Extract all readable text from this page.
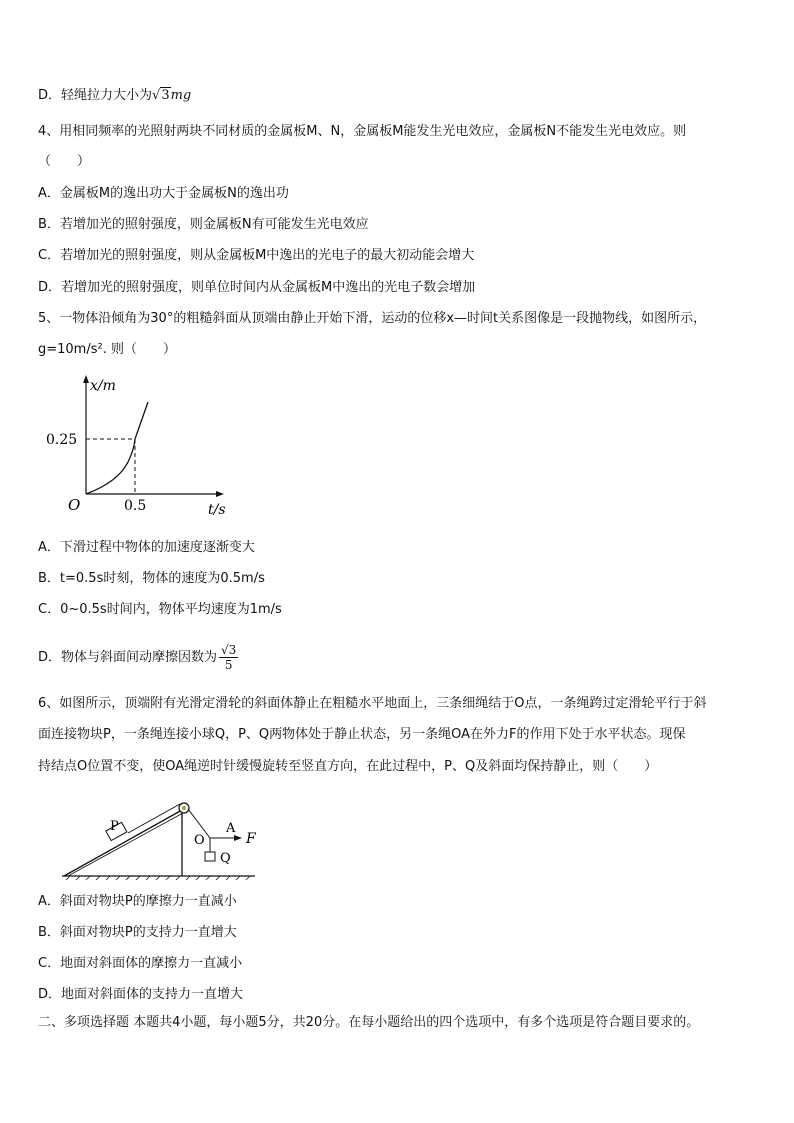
D．轻绳拉力大小为√3mg
4、用相同频率的光照射两块不同材质的金属板M、N，金属板M能发生光电效应，金属板N不能发生光电效应。则
（　　）
A．金属板M的逸出功大于金属板N的逸出功
B．若增加光的照射强度，则金属板N有可能发生光电效应
C．若增加光的照射强度，则从金属板M中逸出的光电子的最大初动能会增大
D．若增加光的照射强度，则单位时间内从金属板M中逸出的光电子数会增加
5、一物体沿倾角为30°的粗糙斜面从顶端由静止开始下滑，运动的位移x—时间t关系图像是一段抛物线，如图所示，
g=10m/s². 则（　　）
x/m
0.25
O	0.5	t/s
A．下滑过程中物体的加速度逐渐变大
B．t=0.5s时刻，物体的速度为0.5m/s
C．0~0.5s时间内，物体平均速度为1m/s
D．物体与斜面间动摩擦因数为 $\frac{√3}{5}$
6、如图所示，顶端附有光滑定滑轮的斜面体静止在粗糙水平地面上，三条细绳结于O点，一条绳跨过定滑轮平行于斜
面连接物块P，一条绳连接小球Q，P、Q两物体处于静止状态，另一条绳OA在外力F的作用下处于水平状态。现保
持结点O位置不变，使OA绳逆时针缓慢旋转至竖直方向，在此过程中，P、Q及斜面均保持静止，则（　　）
P
O
A
F
Q
A．斜面对物块P的摩擦力一直减小
B．斜面对物块P的支持力一直增大
C．地面对斜面体的摩擦力一直减小
D．地面对斜面体的支持力一直增大
二、多项选择题 本题共4小题，每小题5分，共20分。在每小题给出的四个选项中，有多个选项是符合题目要求的。
